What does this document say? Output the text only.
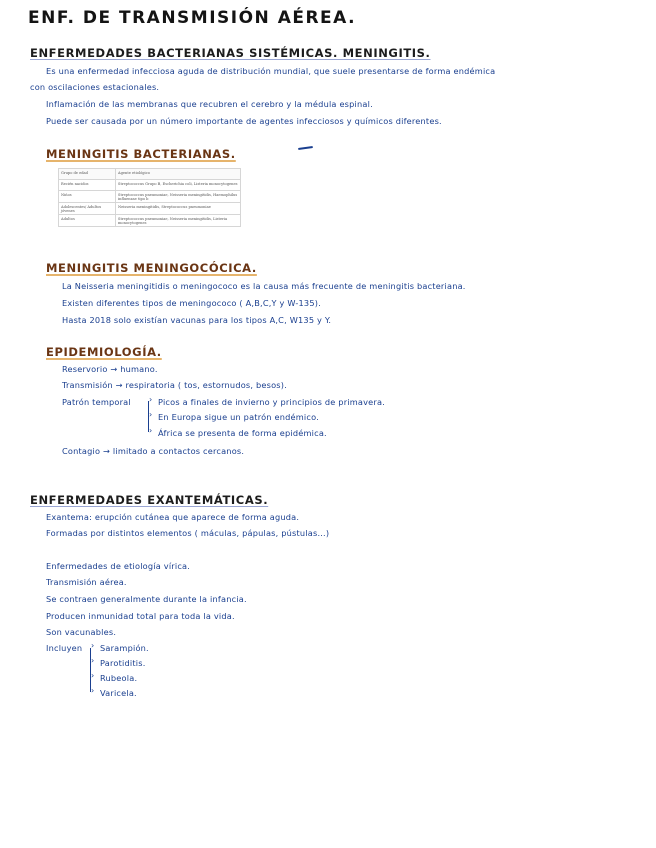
ENF. DE TRANSMISIÓN AÉREA.
ENFERMEDADES BACTERIANAS SISTÉMICAS. MENINGITIS.
Es una enfermedad infecciosa aguda de distribución mundial, que suele presentarse de forma endémica
con oscilaciones estacionales.
Inflamación de las membranas que recubren el cerebro y la médula espinal.
Puede ser causada por un número importante de agentes infecciosos y químicos diferentes.
MENINGITIS BACTERIANAS.
Grupo de edad	Agente etiológico
Recién nacidos	Streptococcus Grupo B, Escherichia coli, Listeria monocytogenes
Niños	Streptococcus pneumoniae, Neisseria meningitidis, Haemophilus influenzae tipo b
Adolescentes/ Adultos jóvenes	Neisseria meningitidis, Streptococcus pneumoniae
Adultos	Streptococcus pneumoniae, Neisseria meningitidis, Listeria monocytogenes
MENINGITIS MENINGOCÓCICA.
La Neisseria meningitidis o meningococo es la causa más frecuente de meningitis bacteriana.
Existen diferentes tipos de meningococo ( A,B,C,Y y W-135).
Hasta 2018 solo existían vacunas para los tipos A,C, W135 y Y.
EPIDEMIOLOGÍA.
Reservorio → humano.
Transmisión → respiratoria ( tos, estornudos, besos).
Patrón temporal ›
›
›
Picos a finales de invierno y principios de primavera.
En Europa sigue un patrón endémico.
África se presenta de forma epidémica.
Contagio → limitado a contactos cercanos.
ENFERMEDADES EXANTEMÁTICAS.
Exantema: erupción cutánea que aparece de forma aguda.
Formadas por distintos elementos ( máculas, pápulas, pústulas...)
Enfermedades de etiología vírica.
Transmisión aérea.
Se contraen generalmente durante la infancia.
Producen inmunidad total para toda la vida.
Son vacunables.
Incluyen ›
›
›
›
Sarampión.
Parotiditis.
Rubeola.
Varicela.
